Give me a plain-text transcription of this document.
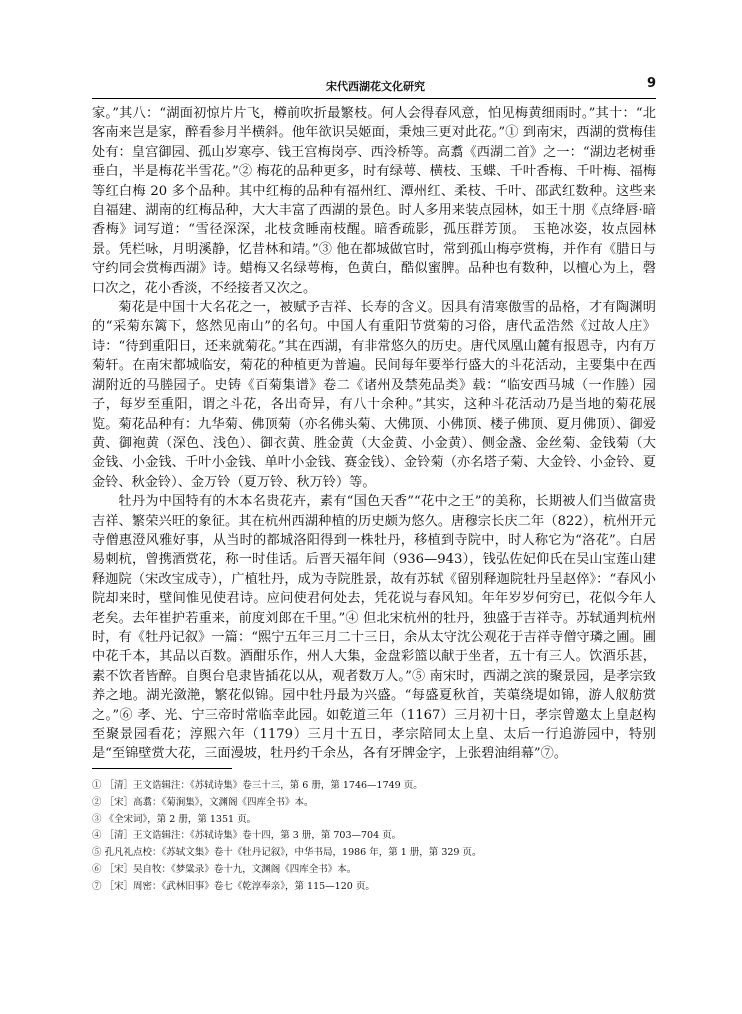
宋代西湖花文化研究	9

家。”其八：“湖面初惊片片飞，樽前吹折最繁枝。何人会得春风意，怕见梅黄细雨时。”其十：“北客南来岂是家，醉看参月半横斜。他年欲识吴姬面，秉烛三更对此花。”① 到南宋，西湖的赏梅佳处有：皇宫御园、孤山岁寒亭、钱王宫梅岗亭、西泠桥等。高翥《西湖二首》之一：“湖边老树垂垂白，半是梅花半雪花。”② 梅花的品种更多，时有绿萼、横枝、玉蝶、千叶香梅、千叶梅、福梅等红白梅 20 多个品种。其中红梅的品种有福州红、潭州红、柔枝、千叶、邵武红数种。这些来自福建、湖南的红梅品种，大大丰富了西湖的景色。时人多用来装点园林，如王十朋《点绛唇·暗香梅》词写道：“雪径深深，北枝贪睡南枝醒。暗香疏影，孤压群芳顶。　玉艳冰姿，妆点园林景。凭栏咏，月明溪静，忆昔林和靖。”③ 他在都城做官时，常到孤山梅亭赏梅，并作有《腊日与守约同会赏梅西湖》诗。蜡梅又名绿萼梅，色黄白，酷似蜜脾。品种也有数种，以檀心为上，磬口次之，花小香淡，不经接者又次之。

菊花是中国十大名花之一，被赋予吉祥、长寿的含义。因具有清寒傲雪的品格，才有陶渊明的“采菊东篱下，悠然见南山”的名句。中国人有重阳节赏菊的习俗，唐代孟浩然《过故人庄》诗：“待到重阳日，还来就菊花。”其在西湖，有非常悠久的历史。唐代凤凰山麓有报恩寺，内有万菊轩。在南宋都城临安，菊花的种植更为普遍。民间每年要举行盛大的斗花活动，主要集中在西湖附近的马塍园子。史铸《百菊集谱》卷二《诸州及禁苑品类》载：“临安西马城（一作塍）园子，每岁至重阳，谓之斗花，各出奇异，有八十余种。”其实，这种斗花活动乃是当地的菊花展览。菊花品种有：九华菊、佛顶菊（亦名佛头菊、大佛顶、小佛顶、楼子佛顶、夏月佛顶）、御爱黄、御袍黄（深色、浅色）、御衣黄、胜金黄（大金黄、小金黄）、侧金盏、金丝菊、金钱菊（大金钱、小金钱、千叶小金钱、单叶小金钱、赛金钱）、金铃菊（亦名塔子菊、大金铃、小金铃、夏金铃、秋金铃）、金万铃（夏万铃、秋万铃）等。

牡丹为中国特有的木本名贵花卉，素有“国色天香”“花中之王”的美称，长期被人们当做富贵吉祥、繁荣兴旺的象征。其在杭州西湖种植的历史颇为悠久。唐穆宗长庆二年（822），杭州开元寺僧惠澄风雅好事，从当时的都城洛阳得到一株牡丹，移植到寺院中，时人称它为“洛花”。白居易刺杭，曾携酒赏花，称一时佳话。后晋天福年间（936—943），钱弘佐妃仰氏在吴山宝莲山建释迦院（宋改宝成寺），广植牡丹，成为寺院胜景，故有苏轼《留别释迦院牡丹呈赵倅》：“春风小院却来时，壁间惟见使君诗。应问使君何处去，凭花说与春风知。年年岁岁何穷已，花似今年人老矣。去年崔护若重来，前度刘郎在千里。”④ 但北宋杭州的牡丹，独盛于吉祥寺。苏轼通判杭州时，有《牡丹记叙》一篇：“熙宁五年三月二十三日，余从太守沈公观花于吉祥寺僧守璘之圃。圃中花千本，其品以百数。酒酣乐作，州人大集，金盘彩篮以献于坐者，五十有三人。饮酒乐甚，素不饮者皆醉。自舆台皂隶皆插花以从，观者数万人。”⑤ 南宋时，西湖之滨的聚景园，是孝宗致养之地。湖光潋滟，繁花似锦。园中牡丹最为兴盛。“每盛夏秋首，芙蕖绕堤如锦，游人舣舫赏之。”⑥ 孝、光、宁三帝时常临幸此园。如乾道三年（1167）三月初十日，孝宗曾邀太上皇赵构至聚景园看花；淳熙六年（1179）三月十五日，孝宗陪同太上皇、太后一行追游园中，特别是“至锦壁赏大花，三面漫坡，牡丹约千余丛，各有牙牌金字，上张碧油绢幕”⑦。

① ［清］王文诰辑注：《苏轼诗集》卷三十三，第 6 册，第 1746—1749 页。
② ［宋］高翥：《菊涧集》，文渊阁《四库全书》本。
③ 《全宋词》，第 2 册，第 1351 页。
④ ［清］王文诰辑注：《苏轼诗集》卷十四，第 3 册，第 703—704 页。
⑤ 孔凡礼点校：《苏轼文集》卷十《牡丹记叙》，中华书局，1986 年，第 1 册，第 329 页。
⑥ ［宋］吴自牧：《梦粱录》卷十九，文渊阁《四库全书》本。
⑦ ［宋］周密：《武林旧事》卷七《乾淳奉亲》，第 115—120 页。
